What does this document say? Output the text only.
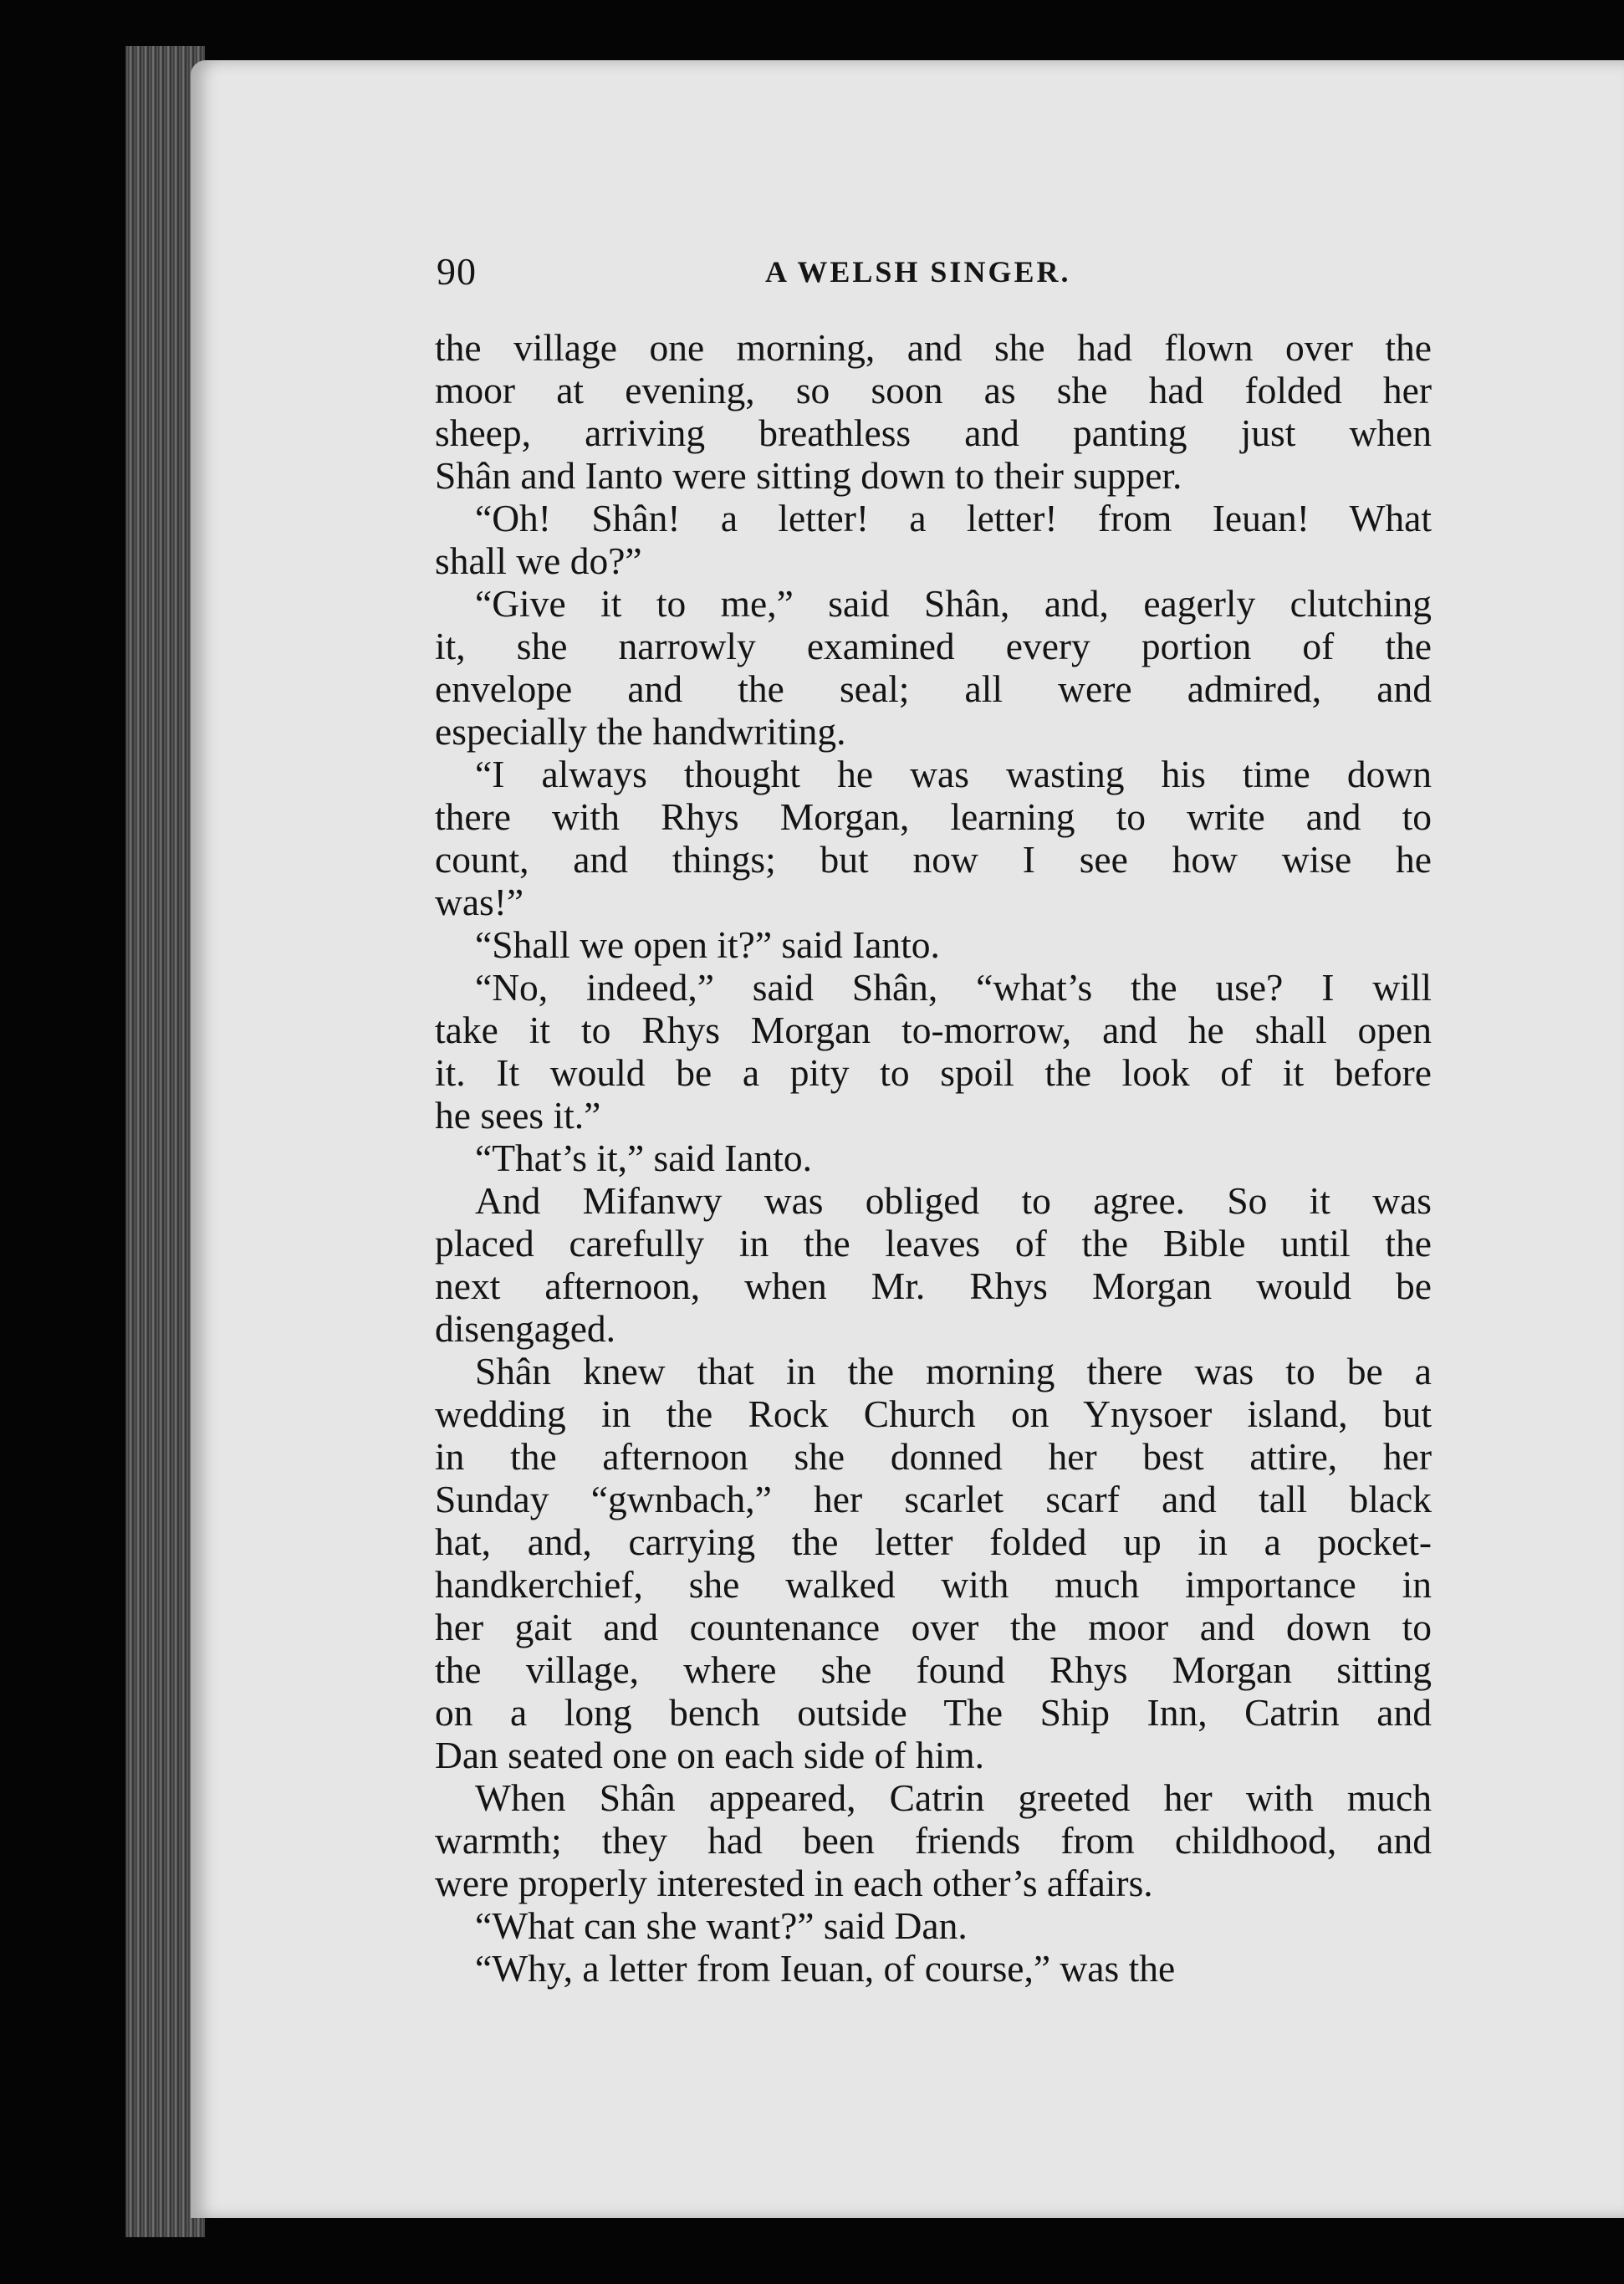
90	A WELSH SINGER.
the village one morning, and she had flown over the
moor at evening, so soon as she had folded her
sheep, arriving breathless and panting just when
Shân and Ianto were sitting down to their supper.
“Oh! Shân! a letter! a letter! from Ieuan! What
shall we do?”
“Give it to me,” said Shân, and, eagerly clutching
it, she narrowly examined every portion of the
envelope and the seal; all were admired, and
especially the handwriting.
“I always thought he was wasting his time down
there with Rhys Morgan, learning to write and to
count, and things; but now I see how wise he
was!”
“Shall we open it?” said Ianto.
“No, indeed,” said Shân, “what’s the use? I will
take it to Rhys Morgan to-morrow, and he shall open
it. It would be a pity to spoil the look of it before
he sees it.”
“That’s it,” said Ianto.
And Mifanwy was obliged to agree. So it was
placed carefully in the leaves of the Bible until the
next afternoon, when Mr. Rhys Morgan would be
disengaged.
Shân knew that in the morning there was to be a
wedding in the Rock Church on Ynysoer island, but
in the afternoon she donned her best attire, her
Sunday “gwnbach,” her scarlet scarf and tall black
hat, and, carrying the letter folded up in a pocket-
handkerchief, she walked with much importance in
her gait and countenance over the moor and down to
the village, where she found Rhys Morgan sitting
on a long bench outside The Ship Inn, Catrin and
Dan seated one on each side of him.
When Shân appeared, Catrin greeted her with much
warmth; they had been friends from childhood, and
were properly interested in each other’s affairs.
“What can she want?” said Dan.
“Why, a letter from Ieuan, of course,” was the
